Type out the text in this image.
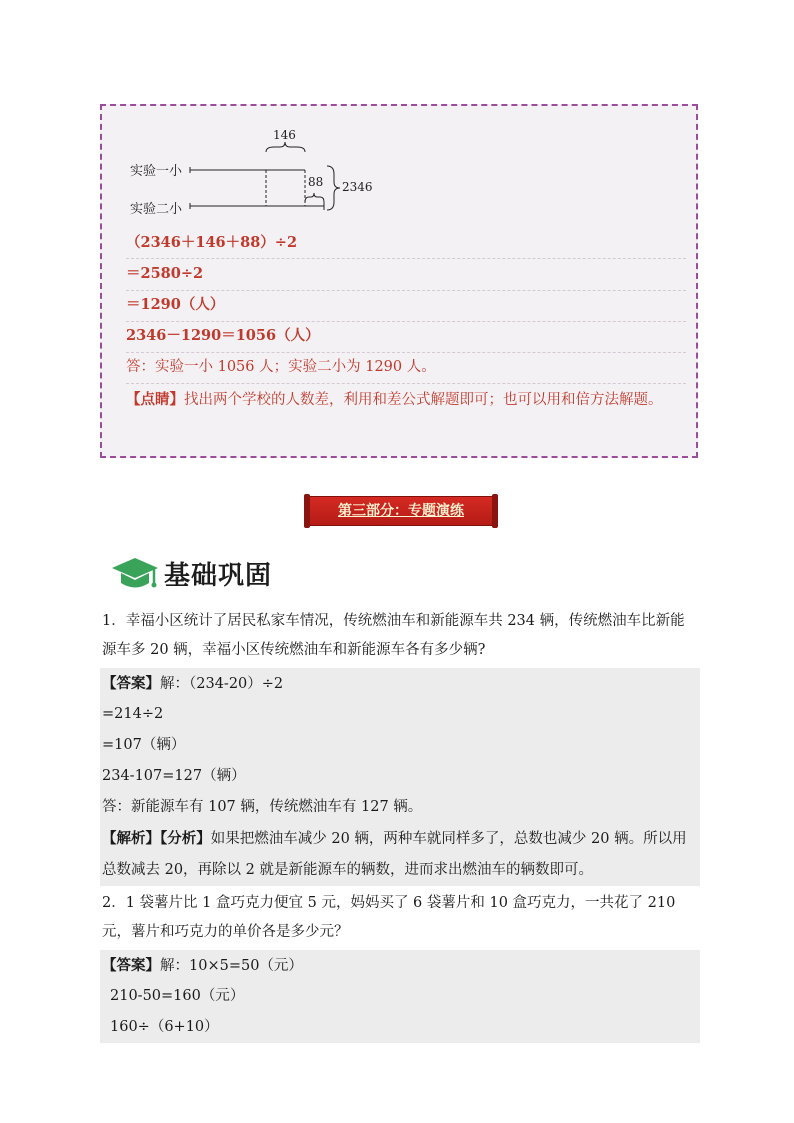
146
实验一小
88 2346
实验二小
（2346＋146＋88）÷2
＝2580÷2
＝1290（人）
2346－1290＝1056（人）
答：实验一小 1056 人；实验二小为 1290 人。
【点睛】找出两个学校的人数差，利用和差公式解题即可；也可以用和倍方法解题。
第三部分：专题演练
基础巩固
1．幸福小区统计了居民私家车情况，传统燃油车和新能源车共 234 辆，传统燃油车比新能源车多 20 辆，幸福小区传统燃油车和新能源车各有多少辆?
【答案】解：（234-20）÷2
=214÷2
=107（辆）
234-107=127（辆）
答：新能源车有 107 辆，传统燃油车有 127 辆。
【解析】【分析】如果把燃油车减少 20 辆，两种车就同样多了，总数也减少 20 辆。所以用总数减去 20，再除以 2 就是新能源车的辆数，进而求出燃油车的辆数即可。
2．1 袋薯片比 1 盒巧克力便宜 5 元，妈妈买了 6 袋薯片和 10 盒巧克力，一共花了 210 元，薯片和巧克力的单价各是多少元？
【答案】解：10×5=50（元）
210-50=160（元）
160÷（6+10）
